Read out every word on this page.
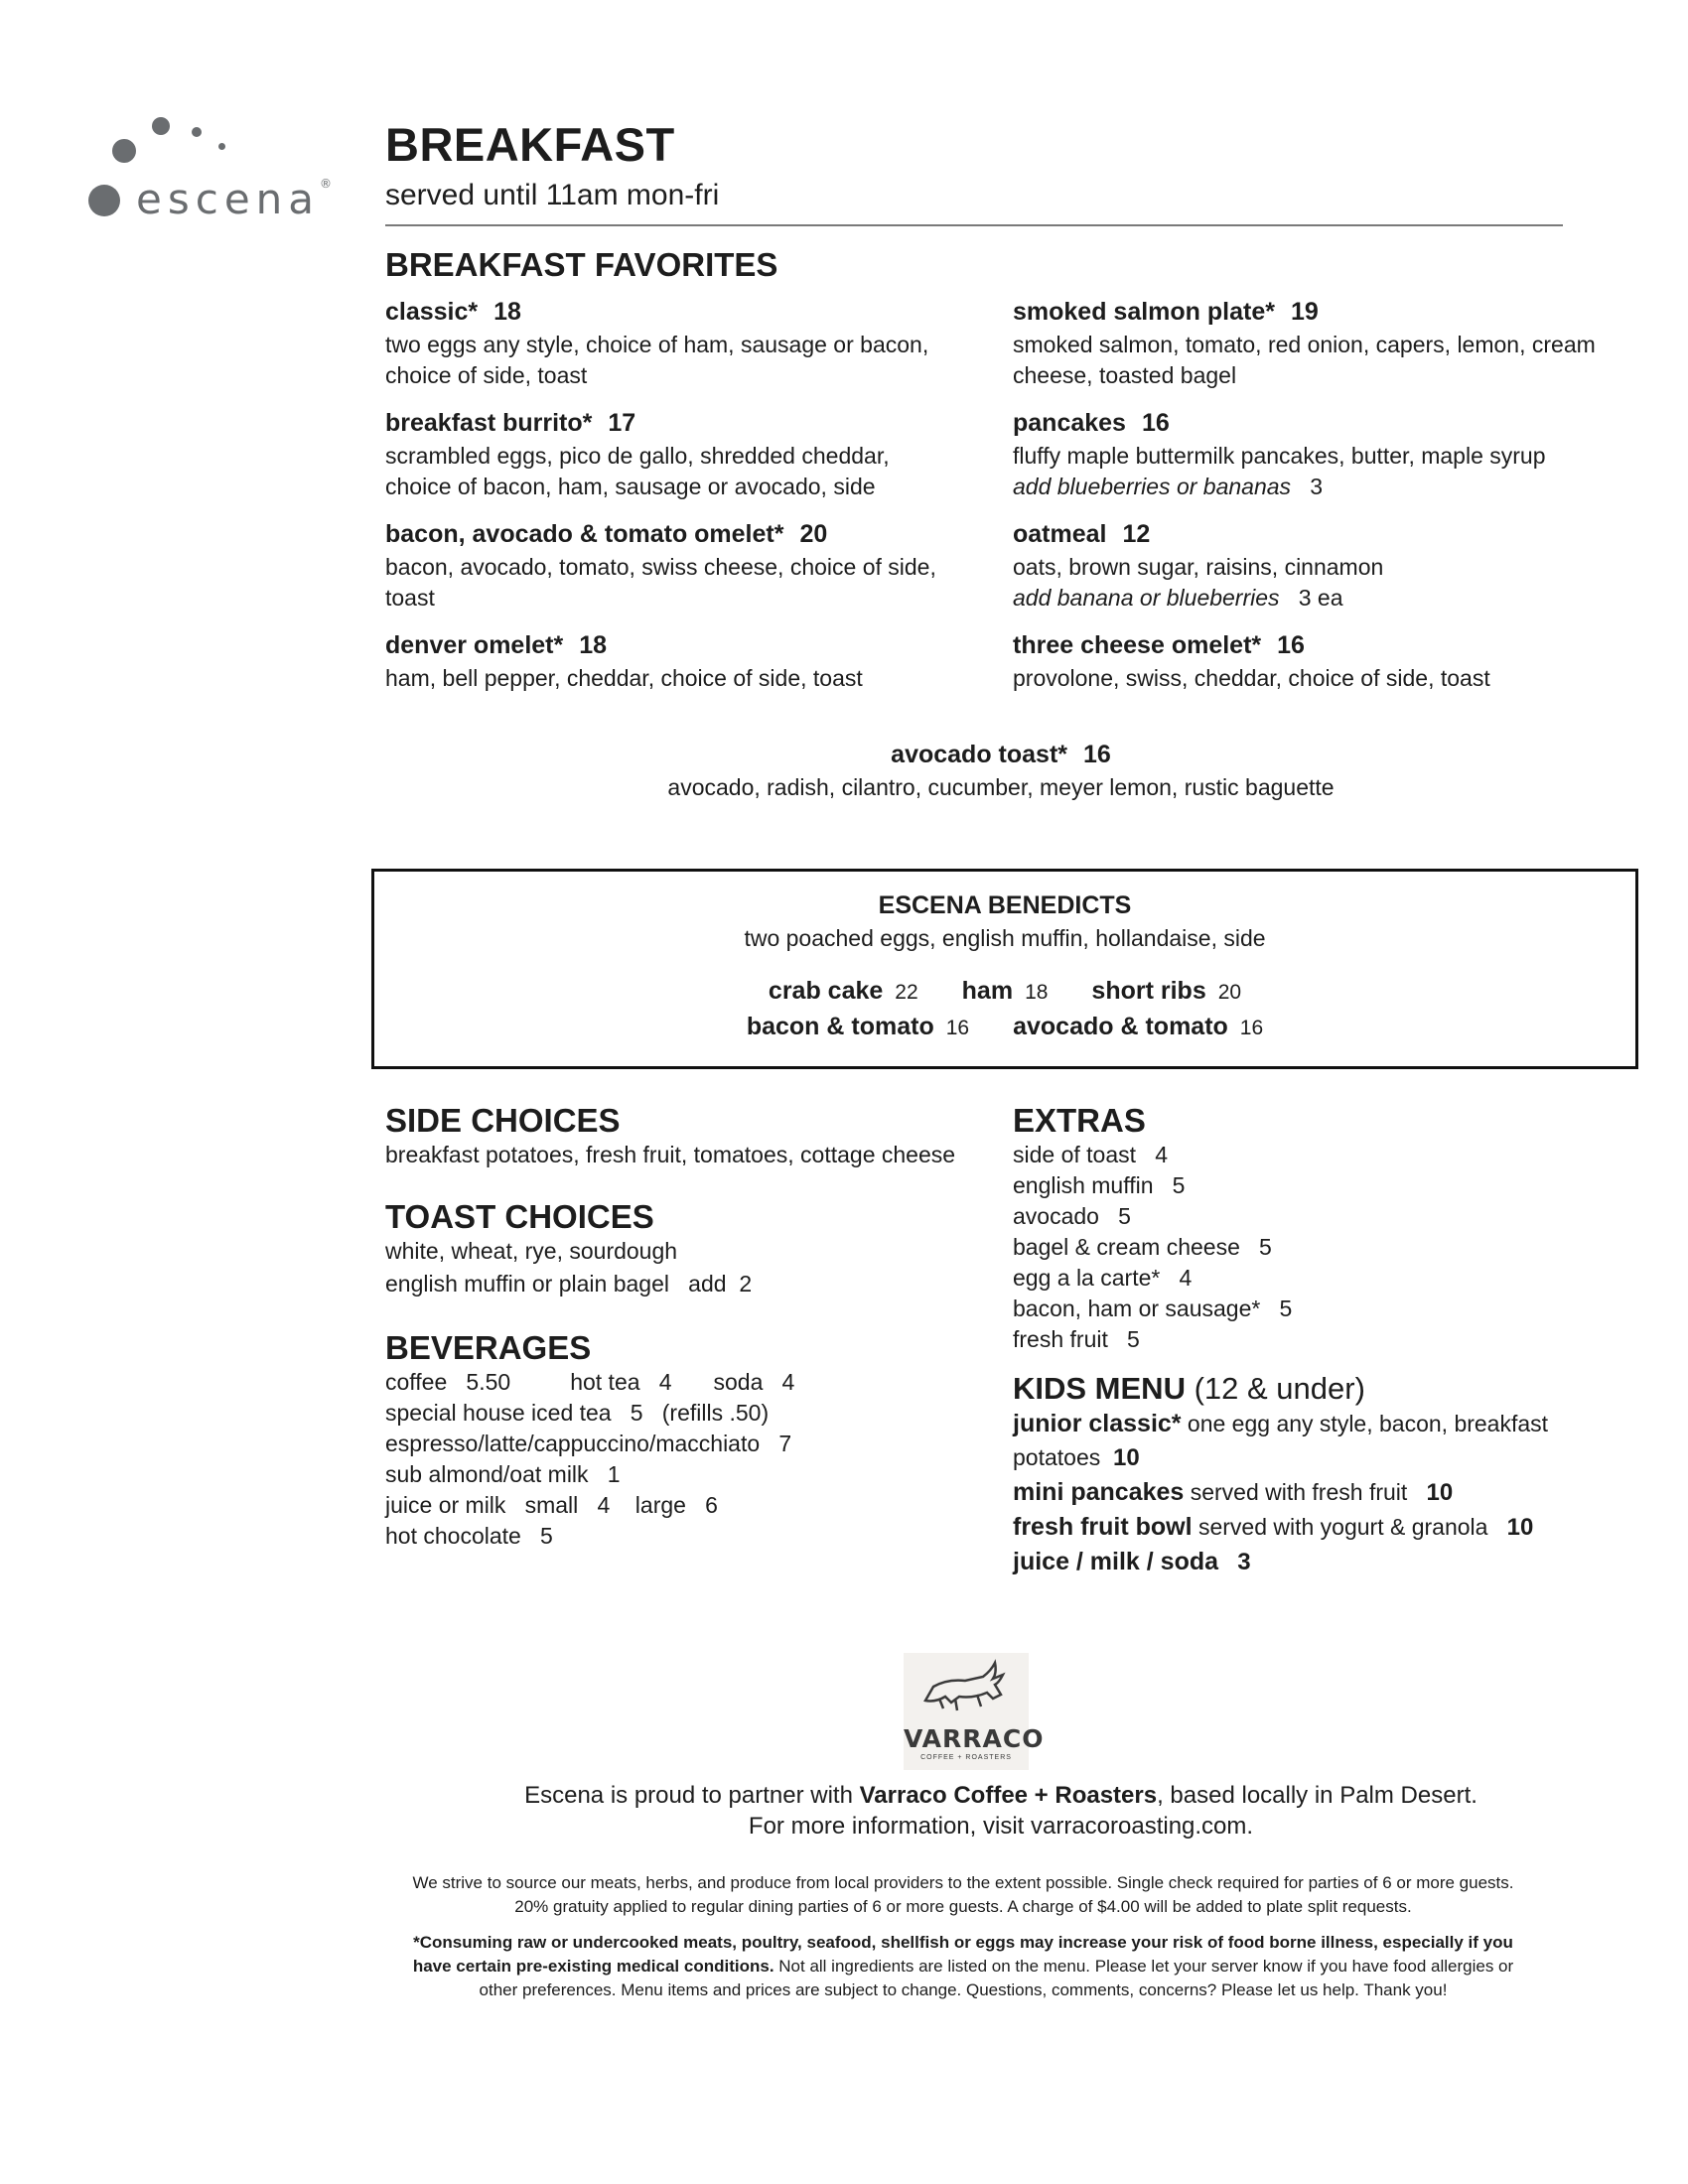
escena®
BREAKFAST
served until 11am mon-fri
BREAKFAST FAVORITES
classic* 18
two eggs any style, choice of ham, sausage or bacon, choice of side, toast
breakfast burrito* 17
scrambled eggs, pico de gallo, shredded cheddar, choice of bacon, ham, sausage or avocado, side
bacon, avocado & tomato omelet* 20
bacon, avocado, tomato, swiss cheese, choice of side, toast
denver omelet* 18
ham, bell pepper, cheddar, choice of side, toast
smoked salmon plate* 19
smoked salmon, tomato, red onion, capers, lemon, cream cheese, toasted bagel
pancakes 16
fluffy maple buttermilk pancakes, butter, maple syrup
add blueberries or bananas 3
oatmeal 12
oats, brown sugar, raisins, cinnamon
add banana or blueberries 3 ea
three cheese omelet* 16
provolone, swiss, cheddar, choice of side, toast
avocado toast* 16
avocado, radish, cilantro, cucumber, meyer lemon, rustic baguette
ESCENA BENEDICTS
two poached eggs, english muffin, hollandaise, side
crab cake 22 ham 18 short ribs 20
bacon & tomato 16 avocado & tomato 16
SIDE CHOICES
breakfast potatoes, fresh fruit, tomatoes, cottage cheese
TOAST CHOICES
white, wheat, rye, sourdough
english muffin or plain bagel add 2
BEVERAGES
coffee 5.50	hot tea 4 soda 4
special house iced tea 5 (refills .50)
espresso/latte/cappuccino/macchiato 7
sub almond/oat milk 1
juice or milk small 4 large 6
hot chocolate 5
EXTRAS
side of toast 4
english muffin 5
avocado 5
bagel & cream cheese 5
egg a la carte* 4
bacon, ham or sausage* 5
fresh fruit 5
KIDS MENU (12 & under)
junior classic* one egg any style, bacon, breakfast
potatoes 10
mini pancakes served with fresh fruit 10
fresh fruit bowl served with yogurt & granola 10
juice / milk / soda 3
VARRACO
COFFEE + ROASTERS
Escena is proud to partner with Varraco Coffee + Roasters, based locally in Palm Desert.
For more information, visit varracoroasting.com.
We strive to source our meats, herbs, and produce from local providers to the extent possible. Single check required for parties of 6 or more guests. 20% gratuity applied to regular dining parties of 6 or more guests. A charge of $4.00 will be added to plate split requests.
*Consuming raw or undercooked meats, poultry, seafood, shellfish or eggs may increase your risk of food borne illness, especially if you have certain pre-existing medical conditions. Not all ingredients are listed on the menu. Please let your server know if you have food allergies or other preferences. Menu items and prices are subject to change. Questions, comments, concerns? Please let us help. Thank you!
